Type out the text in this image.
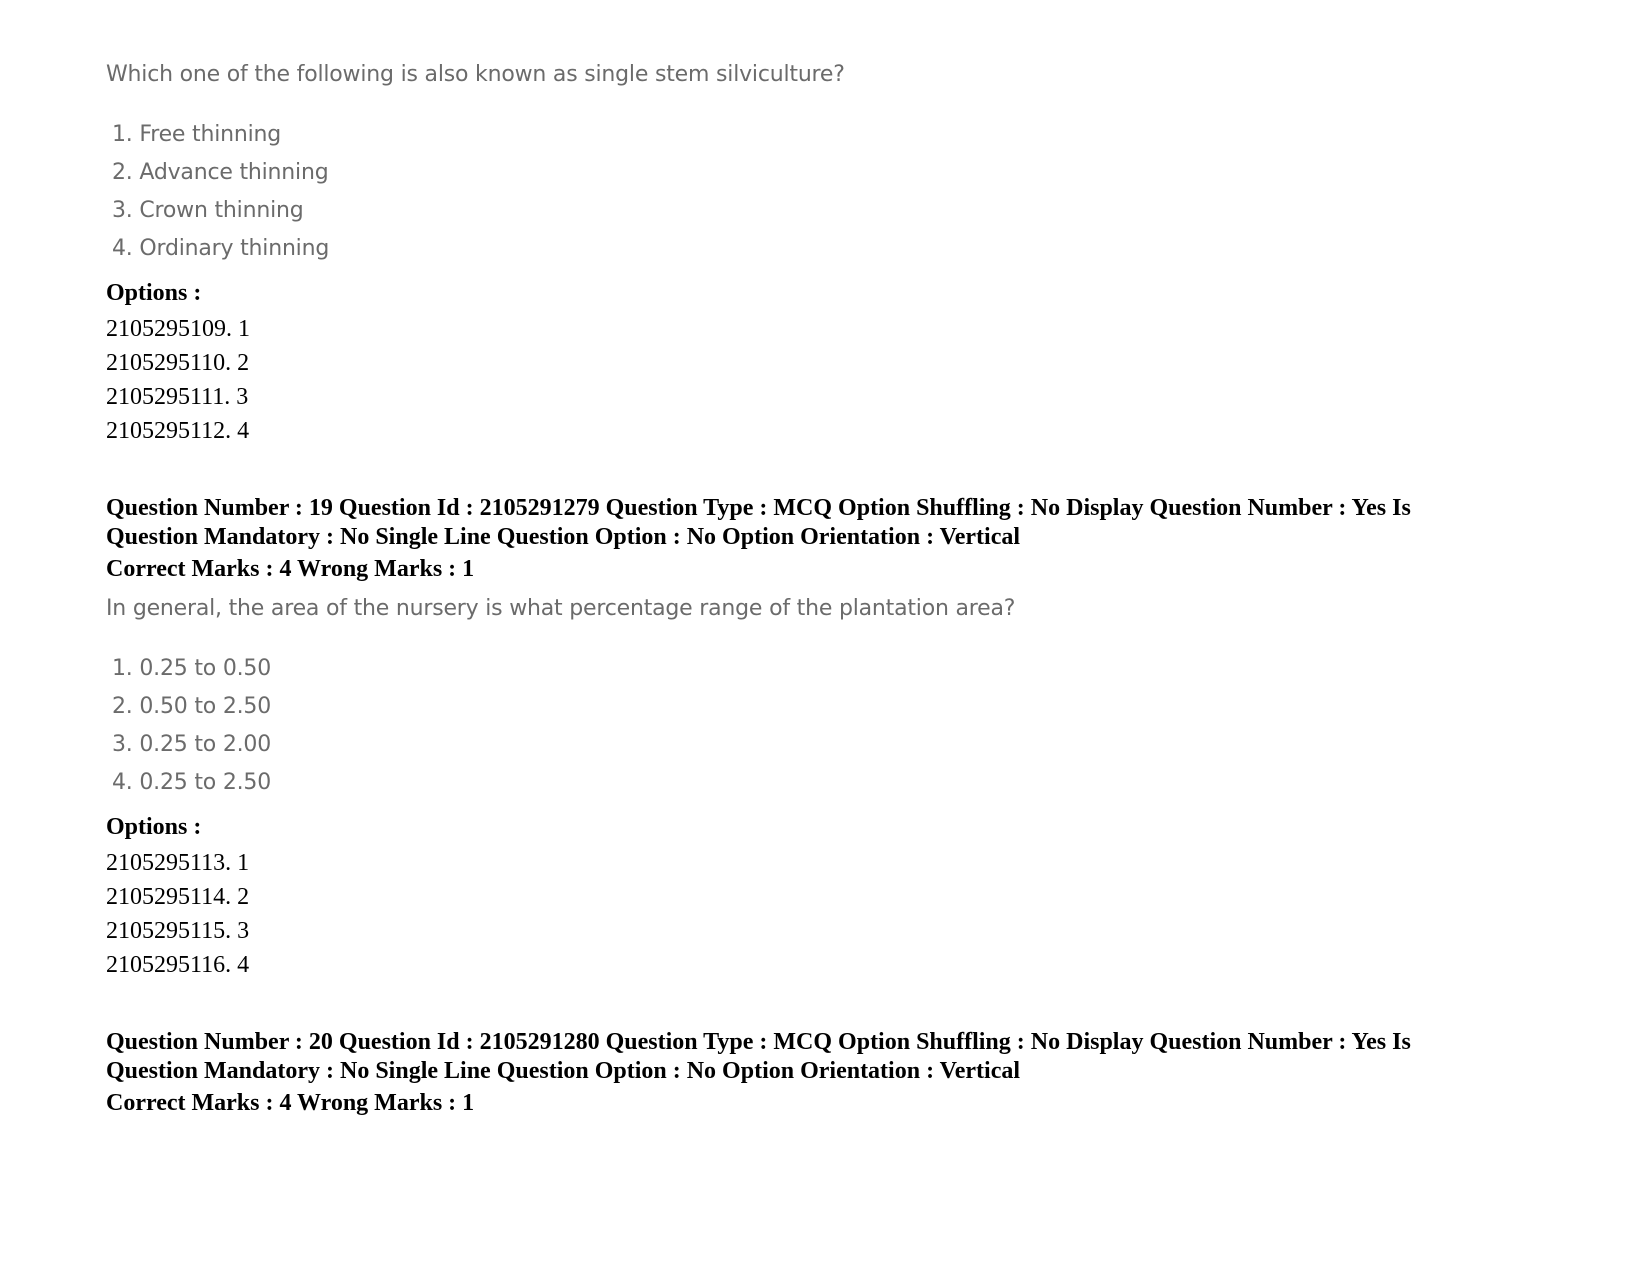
Which one of the following is also known as single stem silviculture?
1. Free thinning
2. Advance thinning
3. Crown thinning
4. Ordinary thinning
Options :
2105295109. 1
2105295110. 2
2105295111. 3
2105295112. 4
Question Number : 19 Question Id : 2105291279 Question Type : MCQ Option Shuffling : No Display Question Number : Yes Is
Question Mandatory : No Single Line Question Option : No Option Orientation : Vertical
Correct Marks : 4 Wrong Marks : 1
In general, the area of the nursery is what percentage range of the plantation area?
1. 0.25 to 0.50
2. 0.50 to 2.50
3. 0.25 to 2.00
4. 0.25 to 2.50
Options :
2105295113. 1
2105295114. 2
2105295115. 3
2105295116. 4
Question Number : 20 Question Id : 2105291280 Question Type : MCQ Option Shuffling : No Display Question Number : Yes Is
Question Mandatory : No Single Line Question Option : No Option Orientation : Vertical
Correct Marks : 4 Wrong Marks : 1
